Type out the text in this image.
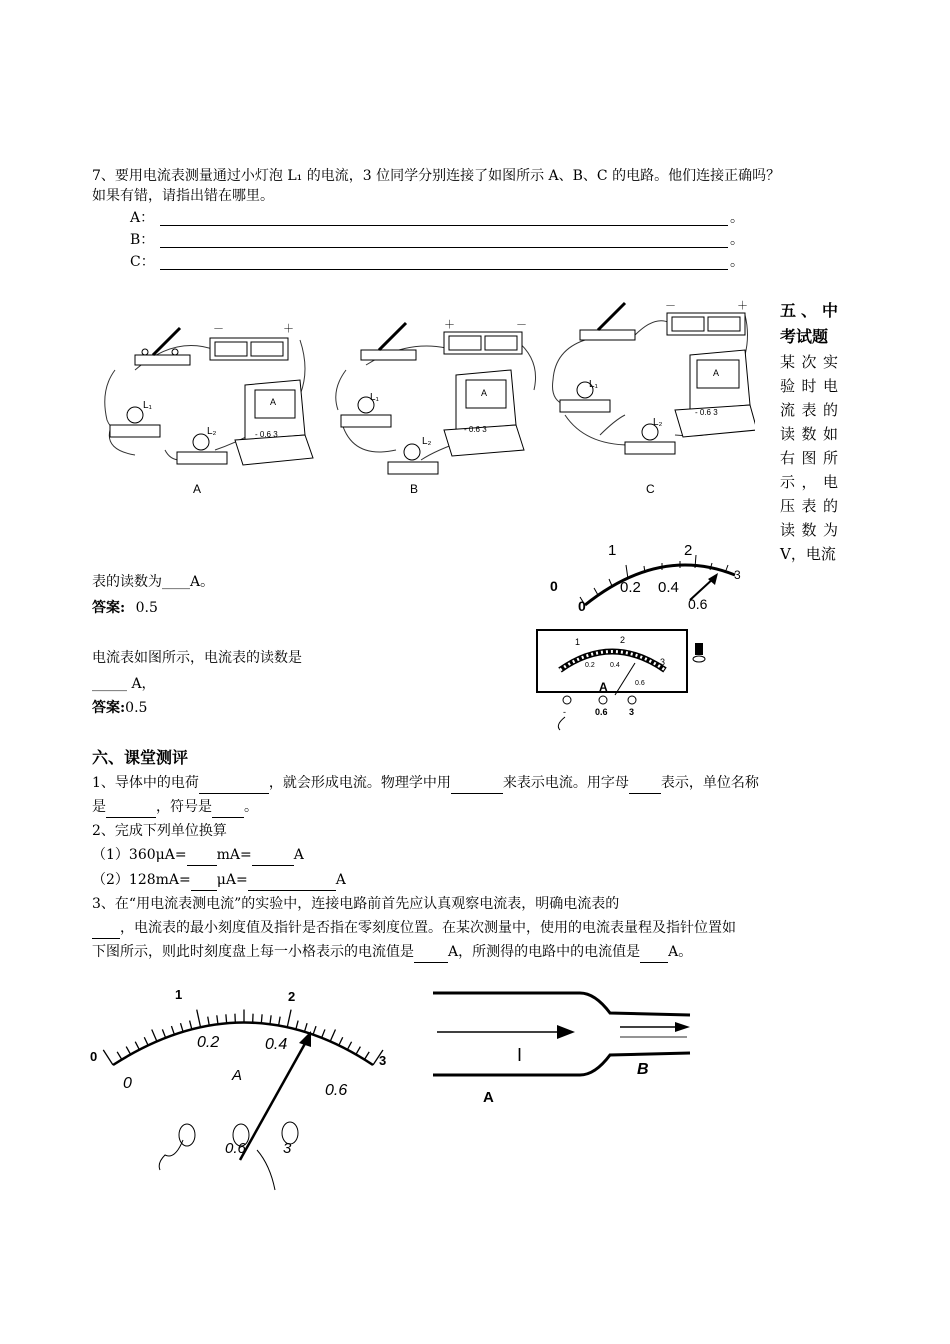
7、要用电流表测量通过小灯泡 L₁ 的电流，3 位同学分别连接了如图所示 A、B、C 的电路。他们连接正确吗？
如果有错，请指出错在哪里。
A：	。
B：	。
C：	。
－	＋
L₁
L₂
A
- 0.6 3
A
＋	－
L₁
L₂
A
- 0.6 3
B
－	＋
L₁
L₂
A
- 0.6 3
C
五、中考试题
某次实验时电流表的读数如右图所示，电压表的读数为V，电流
表的读数为____A。
答案: 0.5
1	2
3
0
0
0.2 0.4
0.6
1	2
3
0.2 0.4
0.6
A
-	0.6 3
电流表如图所示，电流表的读数是
_____ A，
答案:0.5
六、课堂测评
1、导体中的电荷	，就会形成电流。物理学中用	来表示电流。用字母 表示，单位名称
是	，符号是 。
2、完成下列单位换算
（1）360μA= mA=	A
（2）128mA= μA=	A
3、在“用电流表测电流”的实验中，连接电路前首先应认真观察电流表，明确电流表的
，电流表的最小刻度值及指针是否指在零刻度位置。在某次测量中，使用的电流表量程及指针位置如
下图所示，则此时刻度盘上每一小格表示的电流值是 A，所测得的电路中的电流值是 A。
0
1	2
3
0
0.2	0.4
0.6
A
0.6 3
I
A
B
